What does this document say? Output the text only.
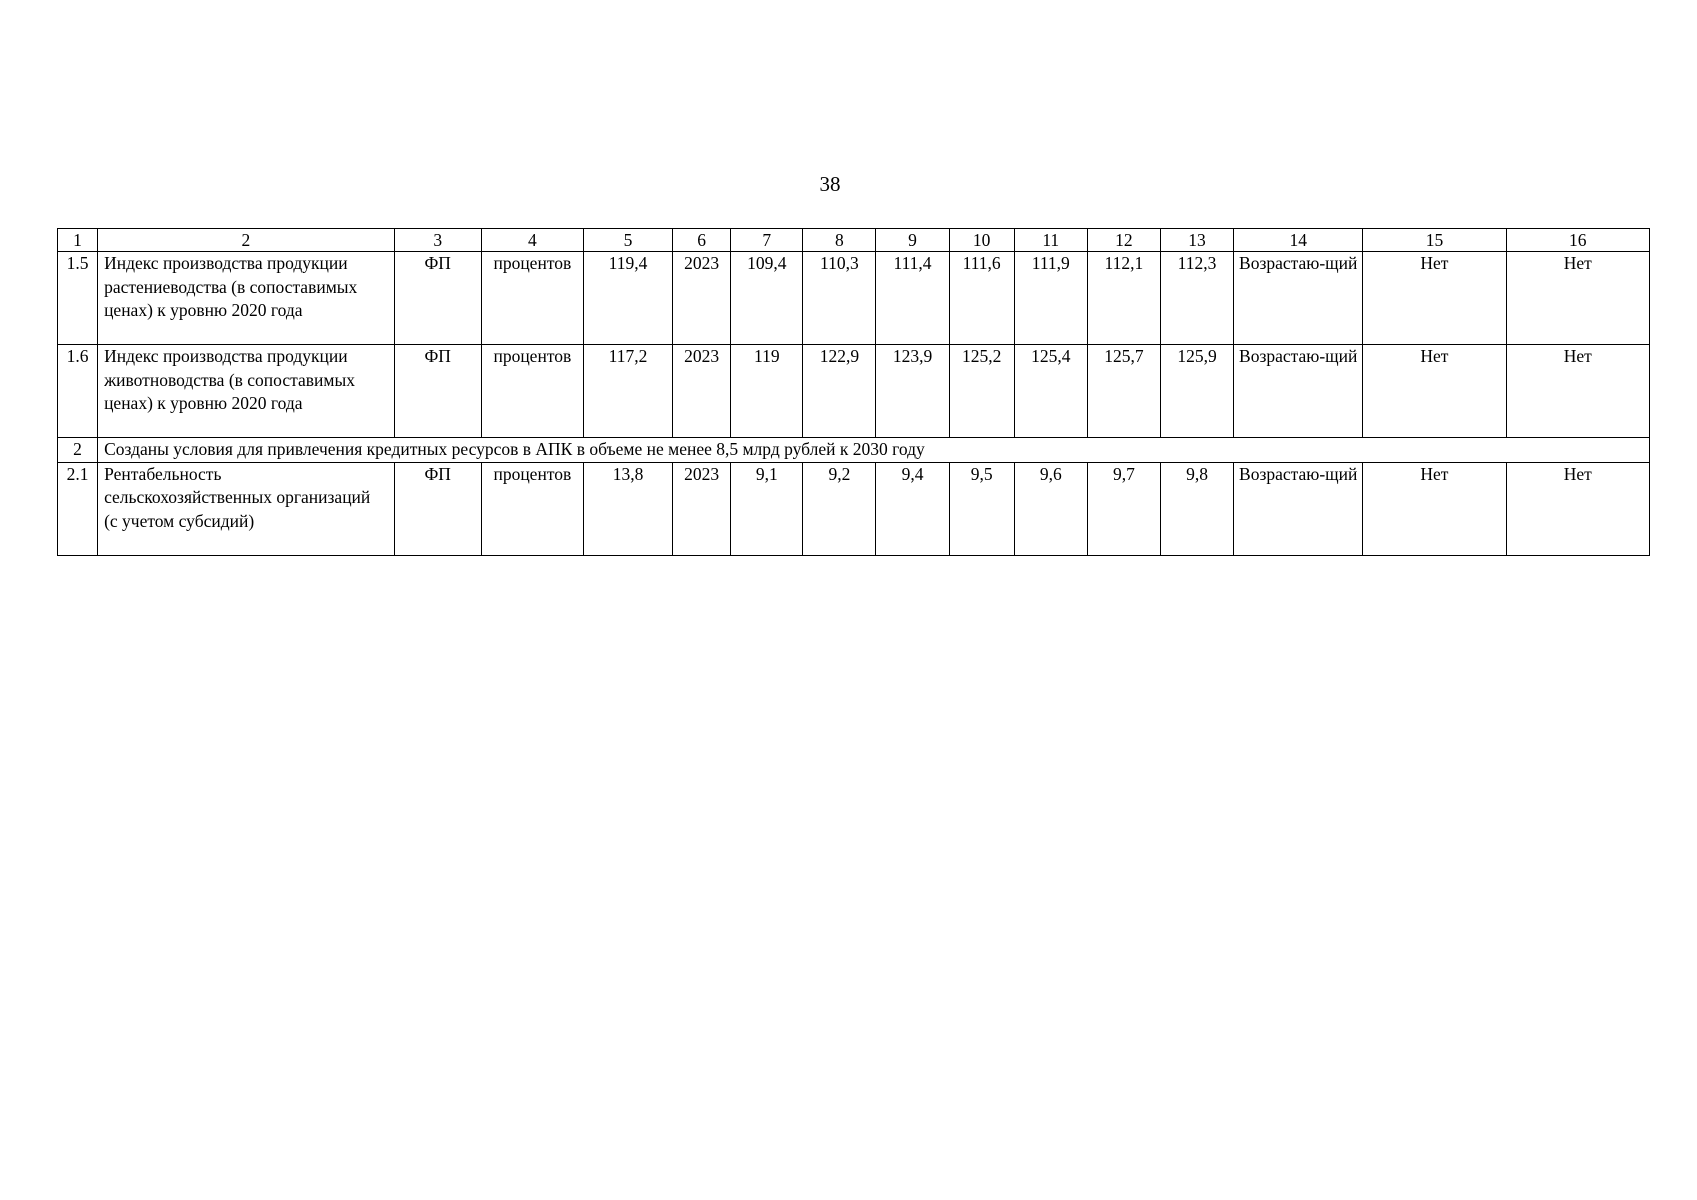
38
1	2	3	4	5	6	7	8	9	10	11	12	13	14	15	16
1.5	Индекс производства продукции растениеводства (в сопоставимых ценах) к уровню 2020 года	ФП	процентов	119,4	2023	109,4	110,3	111,4	111,6	111,9	112,1	112,3	Возрастаю-щий	Нет	Нет
1.6	Индекс производства продукции животноводства (в сопоставимых ценах) к уровню 2020 года	ФП	процентов	117,2	2023	119	122,9	123,9	125,2	125,4	125,7	125,9	Возрастаю-щий	Нет	Нет
2	Созданы условия для привлечения кредитных ресурсов в АПК в объеме не менее 8,5 млрд рублей к 2030 году														
2.1	Рентабельность сельскохозяйственных организаций (с учетом субсидий)	ФП	процентов	13,8	2023	9,1	9,2	9,4	9,5	9,6	9,7	9,8	Возрастаю-щий	Нет	Нет
